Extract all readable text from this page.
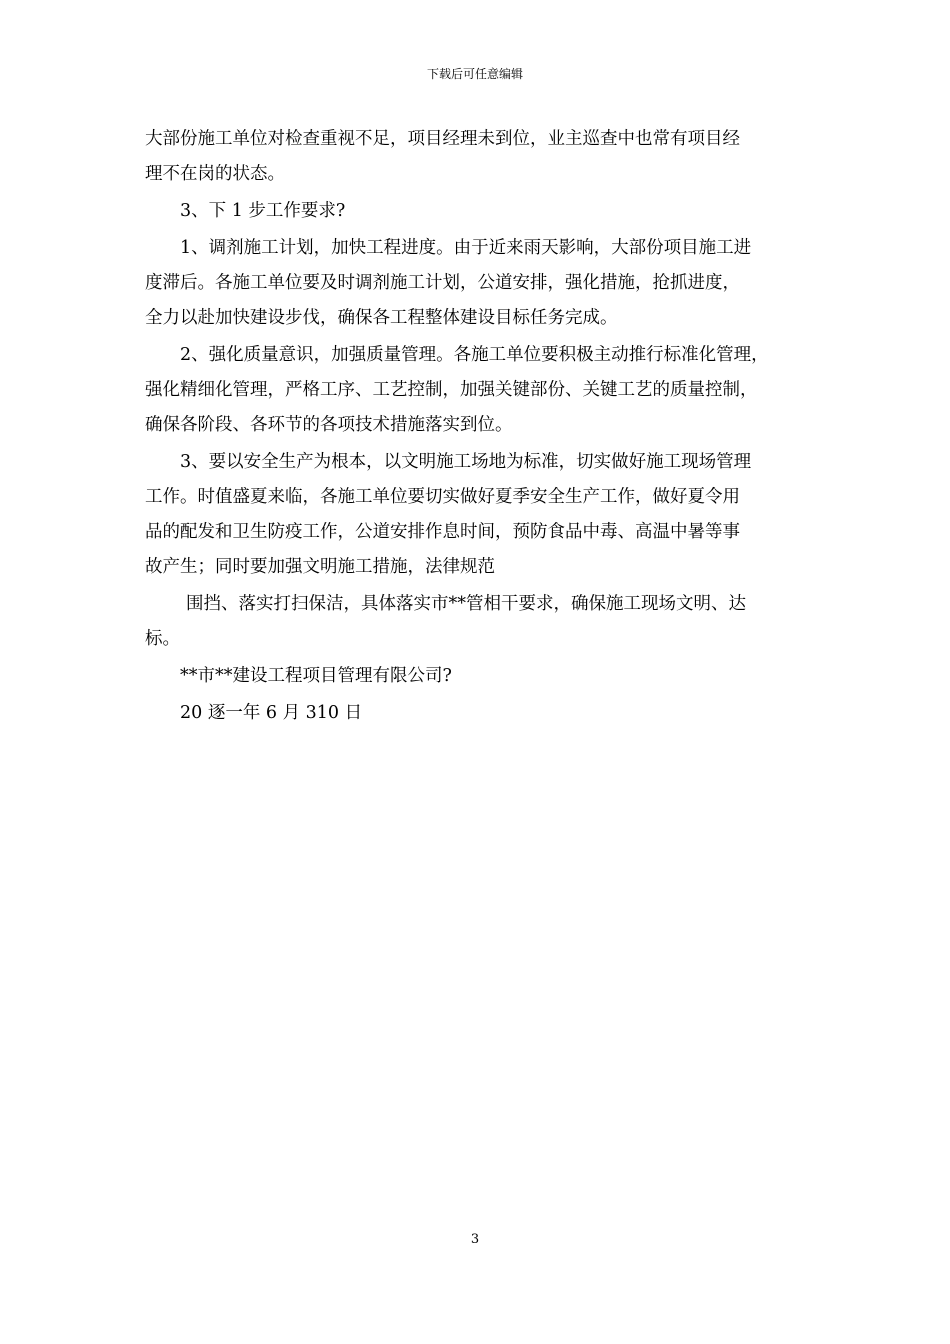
下载后可任意编辑
大部份施工单位对检查重视不足，项目经理未到位，业主巡查中也常有项目经
理不在岗的状态。
3、下 1 步工作要求?
1、调剂施工计划，加快工程进度。由于近来雨天影响，大部份项目施工进
度滞后。各施工单位要及时调剂施工计划，公道安排，强化措施，抢抓进度，
全力以赴加快建设步伐，确保各工程整体建设目标任务完成。
2、强化质量意识，加强质量管理。各施工单位要积极主动推行标准化管理，
强化精细化管理，严格工序、工艺控制，加强关键部份、关键工艺的质量控制，
确保各阶段、各环节的各项技术措施落实到位。
3、要以安全生产为根本，以文明施工场地为标准，切实做好施工现场管理
工作。时值盛夏来临，各施工单位要切实做好夏季安全生产工作，做好夏令用
品的配发和卫生防疫工作，公道安排作息时间，预防食品中毒、高温中暑等事
故产生；同时要加强文明施工措施，法律规范
围挡、落实打扫保洁，具体落实市**管相干要求，确保施工现场文明、达
标。
**市**建设工程项目管理有限公司?
20 逐一年 6 月 310 日
3
